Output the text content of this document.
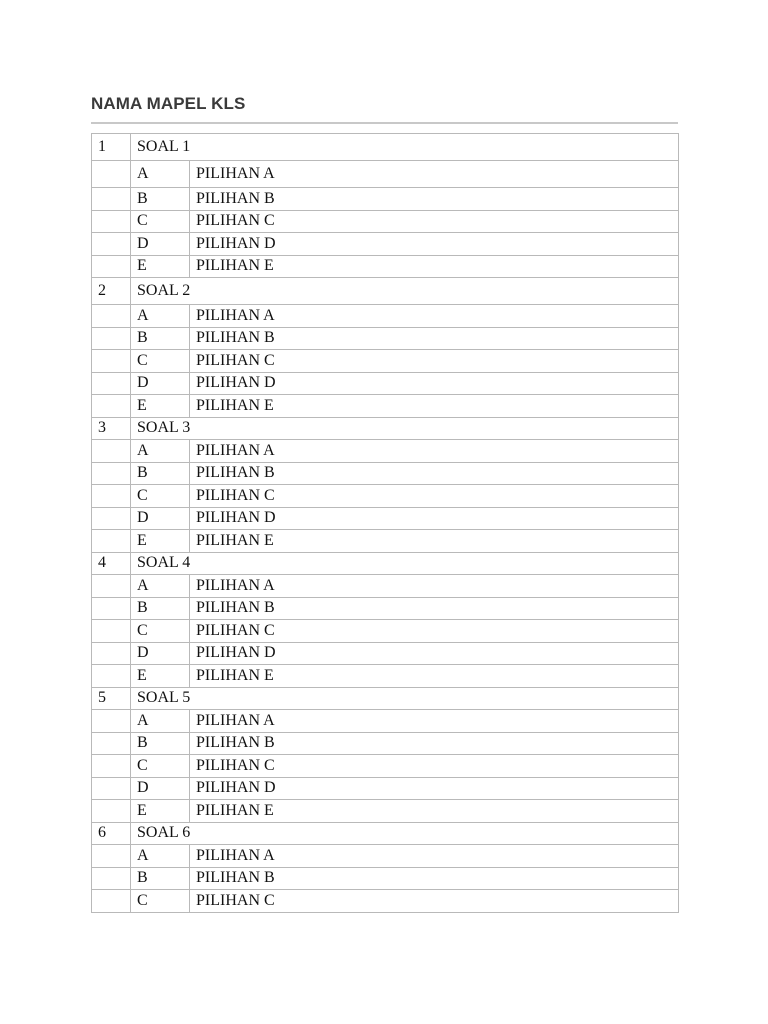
NAMA MAPEL KLS
1	SOAL 1	
	A	PILIHAN A
	B	PILIHAN B
	C	PILIHAN C
	D	PILIHAN D
	E	PILIHAN E
2	SOAL 2	
	A	PILIHAN A
	B	PILIHAN B
	C	PILIHAN C
	D	PILIHAN D
	E	PILIHAN E
3	SOAL 3	
	A	PILIHAN A
	B	PILIHAN B
	C	PILIHAN C
	D	PILIHAN D
	E	PILIHAN E
4	SOAL 4	
	A	PILIHAN A
	B	PILIHAN B
	C	PILIHAN C
	D	PILIHAN D
	E	PILIHAN E
5	SOAL 5	
	A	PILIHAN A
	B	PILIHAN B
	C	PILIHAN C
	D	PILIHAN D
	E	PILIHAN E
6	SOAL 6	
	A	PILIHAN A
	B	PILIHAN B
	C	PILIHAN C
